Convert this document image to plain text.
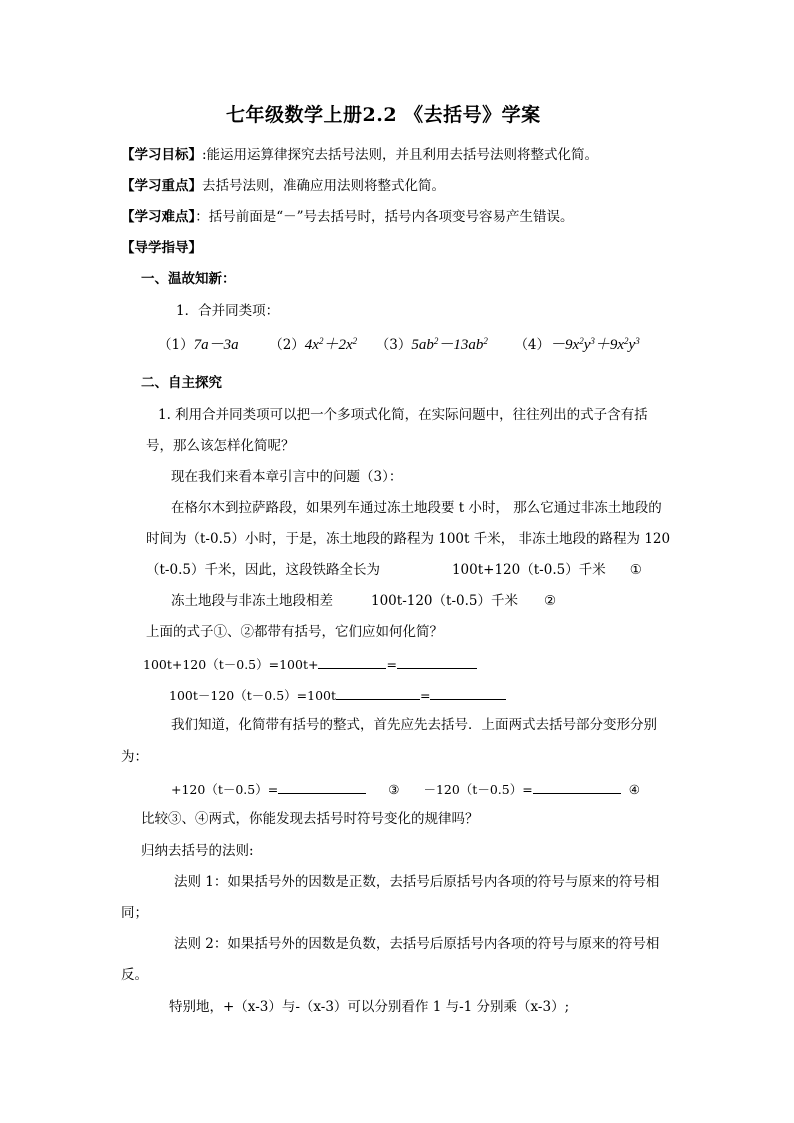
七年级数学上册2.2 《去括号》学案
【学习目标】:能运用运算律探究去括号法则，并且利用去括号法则将整式化简。
【学习重点】去括号法则，准确应用法则将整式化简。
【学习难点】：括号前面是“－”号去括号时，括号内各项变号容易产生错误。
【导学指导】
一、温故知新：
1．合并同类项：
（1）7a－3a $(2)4x^2+2x^2$ $(3)5ab^2-13ab^2$ $(4)-9x^2y^3+9x^2y^3$
二、自主探究
1. 利用合并同类项可以把一个多项式化简，在实际问题中，往往列出的式子含有括
号，那么该怎样化简呢？
现在我们来看本章引言中的问题（3）：
在格尔木到拉萨路段，如果列车通过冻土地段要 t 小时， 那么它通过非冻土地段的
时间为（t-0.5）小时，于是，冻土地段的路程为 100t 千米， 非冻土地段的路程为 120
（t-0.5）千米，因此，这段铁路全长为	100t+120（t-0.5）千米 ①
冻土地段与非冻土地段相差	100t-120（t-0.5）千米 ②
上面的式子①、②都带有括号，它们应如何化简？
100t+120（t－0.5）=100t+	=
100t－120（t－0.5）=100t	=
我们知道，化简带有括号的整式，首先应先去括号．上面两式去括号部分变形分别
为：
+120（t－0.5）=	③ －120（t－0.5）=	④
比较③、④两式，你能发现去括号时符号变化的规律吗？
归纳去括号的法则:
法则 1：如果括号外的因数是正数，去括号后原括号内各项的符号与原来的符号相
同；
法则 2：如果括号外的因数是负数，去括号后原括号内各项的符号与原来的符号相
反。
特别地，+（x-3）与-（x-3）可以分别看作 1 与-1 分别乘（x-3）;
